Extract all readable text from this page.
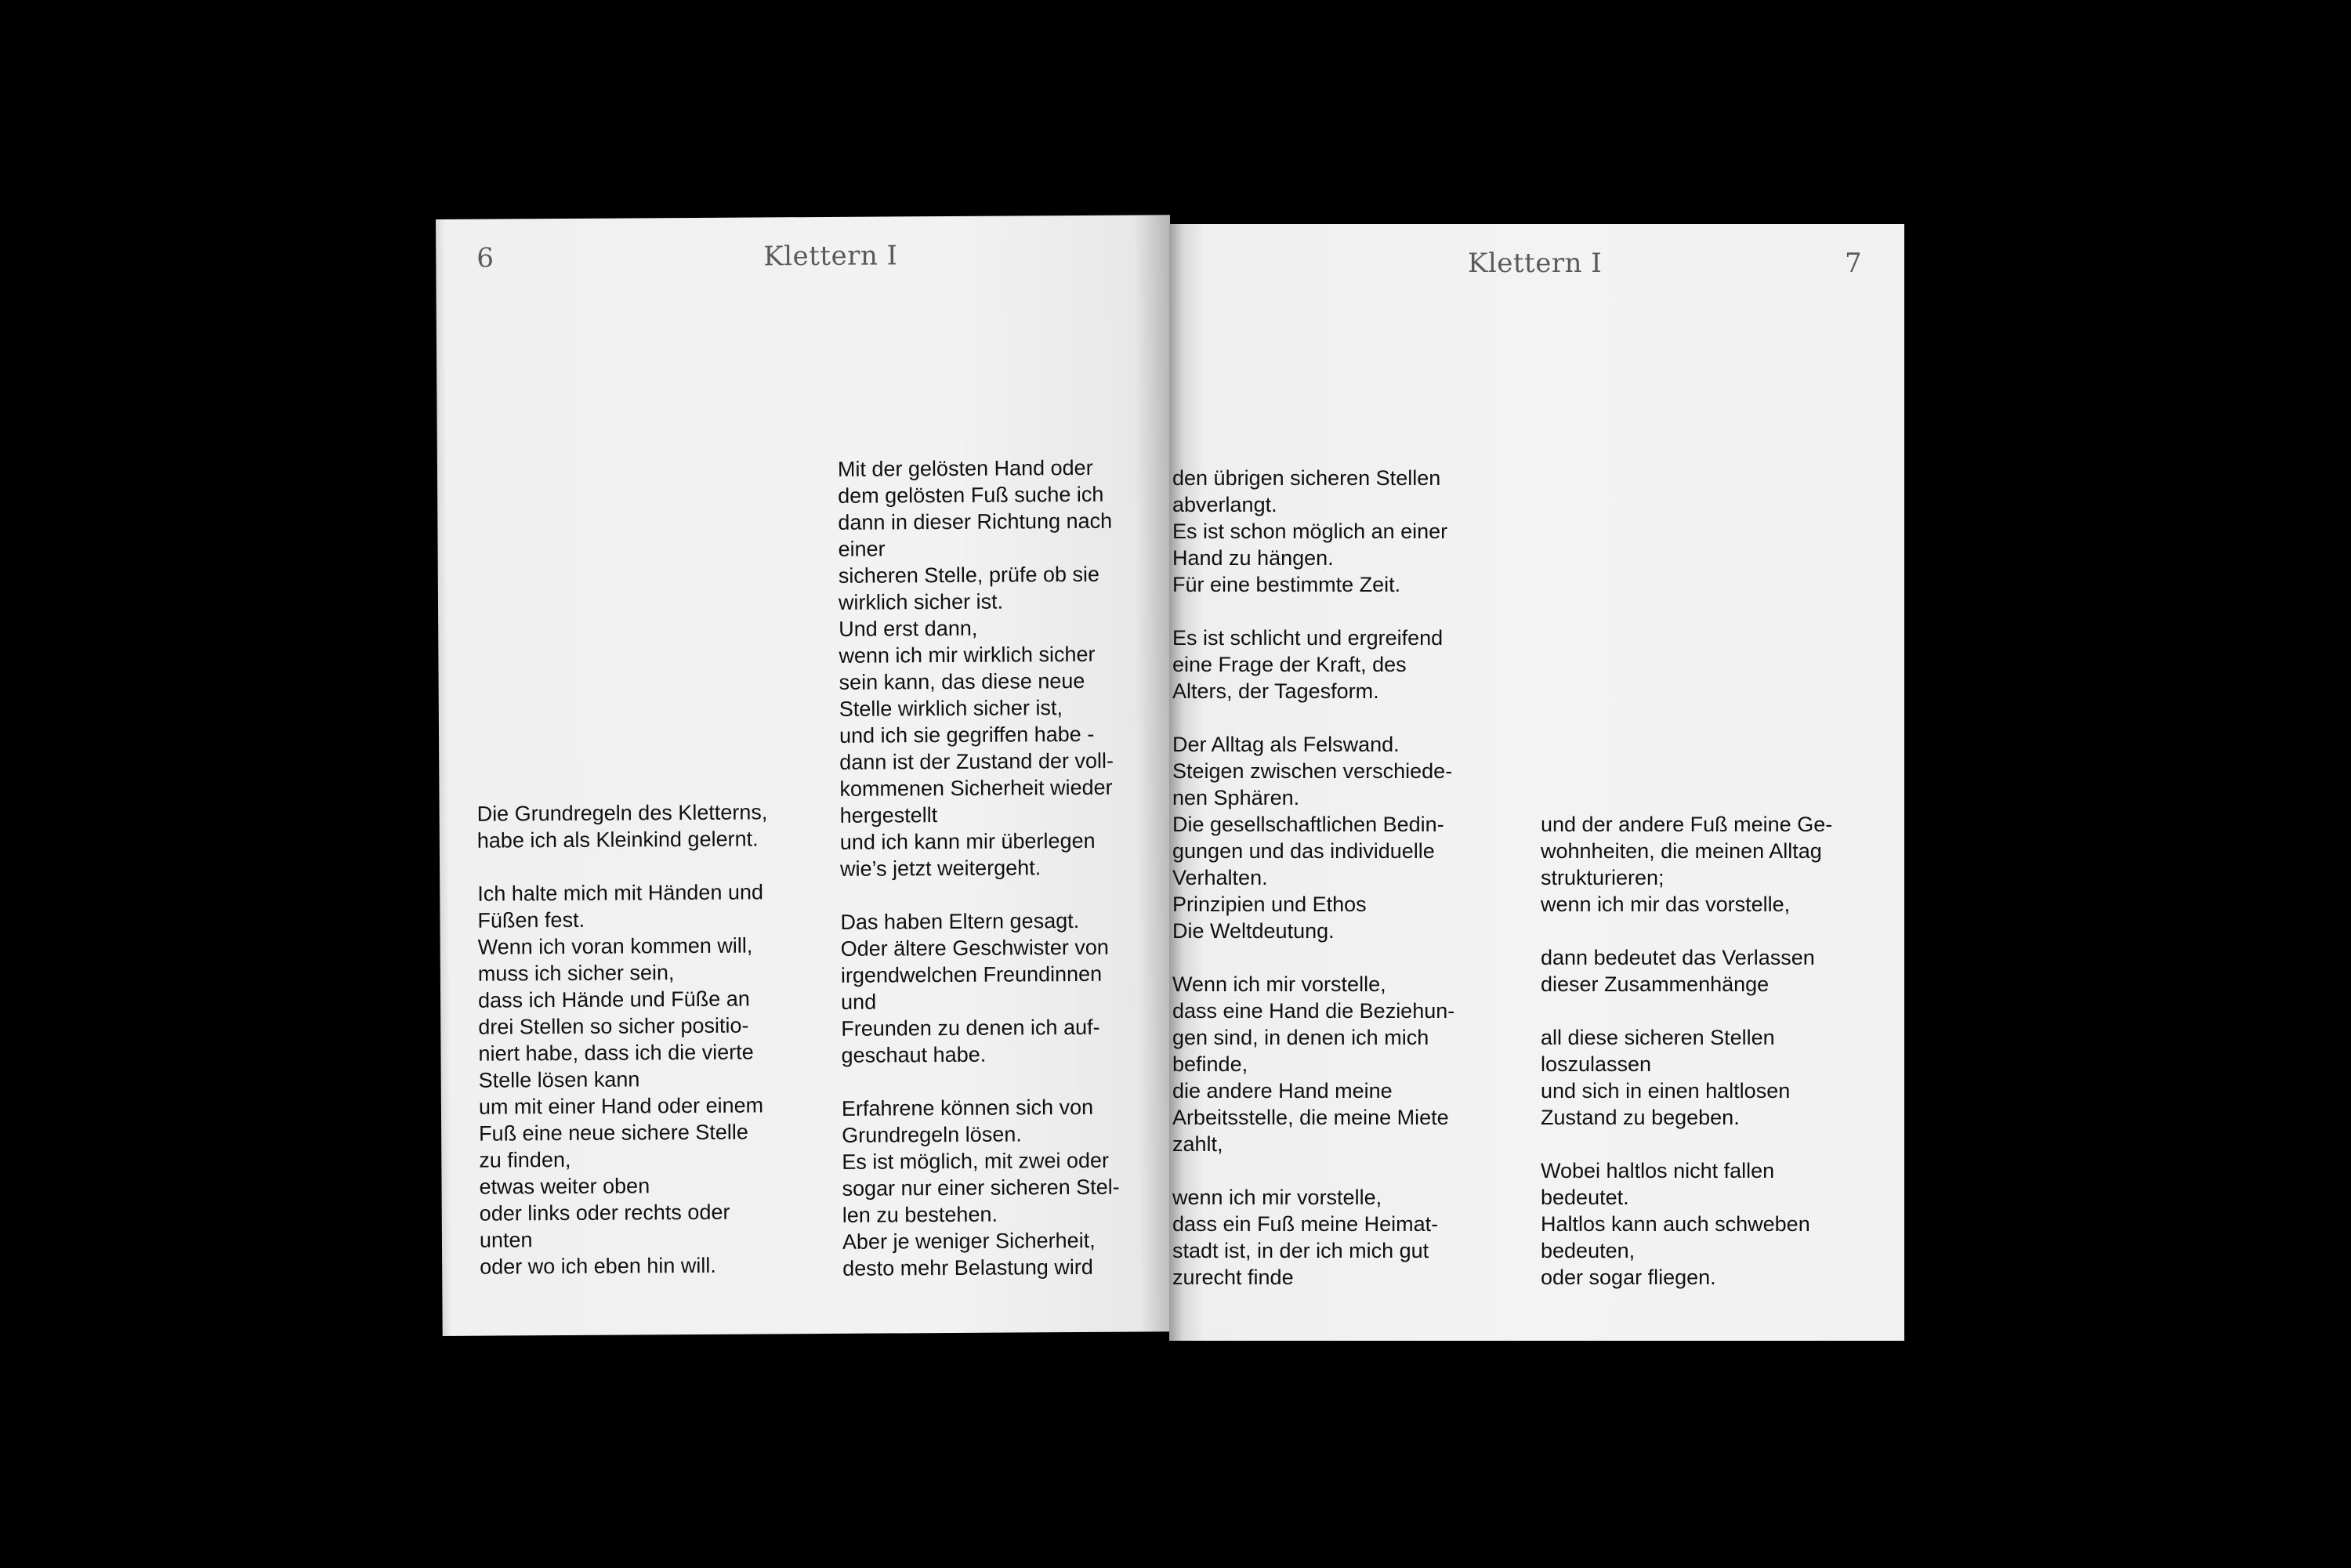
6	Klettern I
Die Grundregeln des Kletterns,
habe ich als Kleinkind gelernt.

Ich halte mich mit Händen und
Füßen fest.
Wenn ich voran kommen will,
muss ich sicher sein,
dass ich Hände und Füße an
drei Stellen so sicher positio-
niert habe, dass ich die vierte
Stelle lösen kann
um mit einer Hand oder einem
Fuß eine neue sichere Stelle
zu finden,
etwas weiter oben
oder links oder rechts oder
unten
oder wo ich eben hin will.
Mit der gelösten Hand oder
dem gelösten Fuß suche ich
dann in dieser Richtung nach
einer
sicheren Stelle, prüfe ob sie
wirklich sicher ist.
Und erst dann,
wenn ich mir wirklich sicher
sein kann, das diese neue
Stelle wirklich sicher ist,
und ich sie gegriffen habe -
dann ist der Zustand der voll-
kommenen Sicherheit wieder
hergestellt
und ich kann mir überlegen
wie’s jetzt weitergeht.

Das haben Eltern gesagt.
Oder ältere Geschwister von
irgendwelchen Freundinnen
und
Freunden zu denen ich auf-
geschaut habe.

Erfahrene können sich von
Grundregeln lösen.
Es ist möglich, mit zwei oder
sogar nur einer sicheren Stel-
len zu bestehen.
Aber je weniger Sicherheit,
desto mehr Belastung wird
Klettern I	7
den übrigen sicheren Stellen
abverlangt.
Es ist schon möglich an einer
Hand zu hängen.
Für eine bestimmte Zeit.

Es ist schlicht und ergreifend
eine Frage der Kraft, des
Alters, der Tagesform.

Der Alltag als Felswand.
Steigen zwischen verschiede-
nen Sphären.
Die gesellschaftlichen Bedin-
gungen und das individuelle
Verhalten.
Prinzipien und Ethos
Die Weltdeutung.

Wenn ich mir vorstelle,
dass eine Hand die Beziehun-
gen sind, in denen ich mich
befinde,
die andere Hand meine
Arbeitsstelle, die meine Miete
zahlt,

wenn ich mir vorstelle,
dass ein Fuß meine Heimat-
stadt ist, in der ich mich gut
zurecht finde
und der andere Fuß meine Ge-
wohnheiten, die meinen Alltag
strukturieren;
wenn ich mir das vorstelle,

dann bedeutet das Verlassen
dieser Zusammenhänge

all diese sicheren Stellen
loszulassen
und sich in einen haltlosen
Zustand zu begeben.

Wobei haltlos nicht fallen
bedeutet.
Haltlos kann auch schweben
bedeuten,
oder sogar fliegen.
